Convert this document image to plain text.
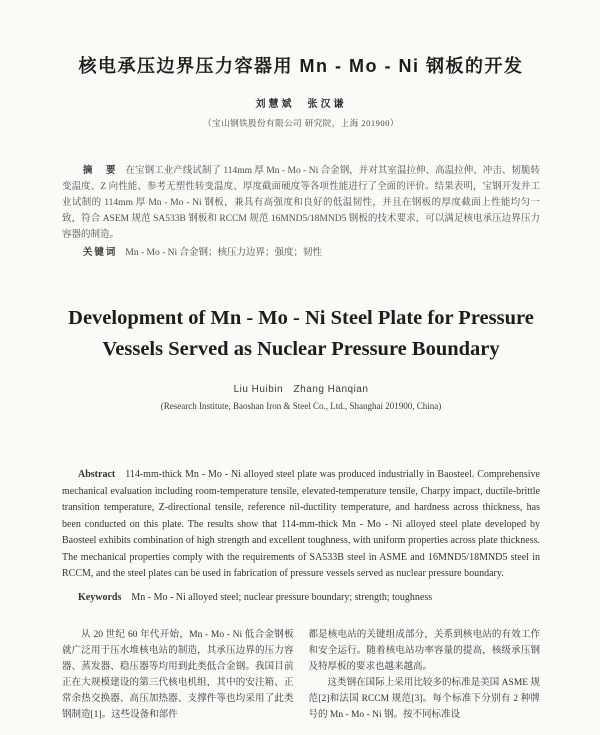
核电承压边界压力容器用 Mn - Mo - Ni 钢板的开发
刘慧斌　张汉谦
（宝山钢铁股份有限公司 研究院，上海 201900）

摘　要 在宝钢工业产线试制了 114mm 厚 Mn - Mo - Ni 合金钢，并对其室温拉伸、高温拉伸、冲击、韧脆转变温度、Z 向性能、参考无塑性转变温度、厚度截面硬度等各项性能进行了全面的评价。结果表明，宝钢开发并工业试制的 114mm 厚 Mn - Mo - Ni 钢板，兼具有高强度和良好的低温韧性，并且在钢板的厚度截面上性能均匀一致，符合 ASEM 规范 SA533B 钢板和 RCCM 规范 16MND5/18MND5 钢板的技术要求，可以满足核电承压边界压力容器的制造。

关键词 Mn - Mo - Ni 合金钢；核压力边界；强度；韧性

Development of Mn - Mo - Ni Steel Plate for Pressure Vessels Served as Nuclear Pressure Boundary
Liu Huibin　Zhang Hanqian
(Research Institute, Baoshan Iron & Steel Co., Ltd., Shanghai 201900, China)

Abstract 114-mm-thick Mn - Mo - Ni alloyed steel plate was produced industrially in Baosteel. Comprehensive mechanical evaluation including room-temperature tensile, elevated-temperature tensile, Charpy impact, ductile-brittle transition temperature, Z-directional tensile, reference nil-ductility temperature, and hardness across thickness, has been conducted on this plate. The results show that 114-mm-thick Mn - Mo - Ni alloyed steel plate developed by Baosteel exhibits combination of high strength and excellent toughness, with uniform properties across plate thickness. The mechanical properties comply with the requirements of SA533B steel in ASME and 16MND5/18MND5 steel in RCCM, and the steel plates can be used in fabrication of pressure vessels served as nuclear pressure boundary.

Keywords Mn - Mo - Ni alloyed steel; nuclear pressure boundary; strength; toughness

从 20 世纪 60 年代开始，Mn - Mo - Ni 低合金钢板就广泛用于压水堆核电站的制造，其承压边界的压力容器、蒸发器、稳压器等均用到此类低合金钢。我国目前正在大规模建设的第三代核电机组，其中的安注箱、正常余热交换器、高压加热器、支撑件等也均采用了此类钢制造[1]。这些设备和部件

都是核电站的关键组成部分，关系到核电站的有效工作和安全运行。随着核电站功率容量的提高，核级承压钢及特厚板的要求也越来越高。

这类钢在国际上采用比较多的标准是美国 ASME 规范[2]和法国 RCCM 规范[3]。每个标准下分别有 2 种牌号的 Mn - Mo - Ni 钢。按不同标准设
